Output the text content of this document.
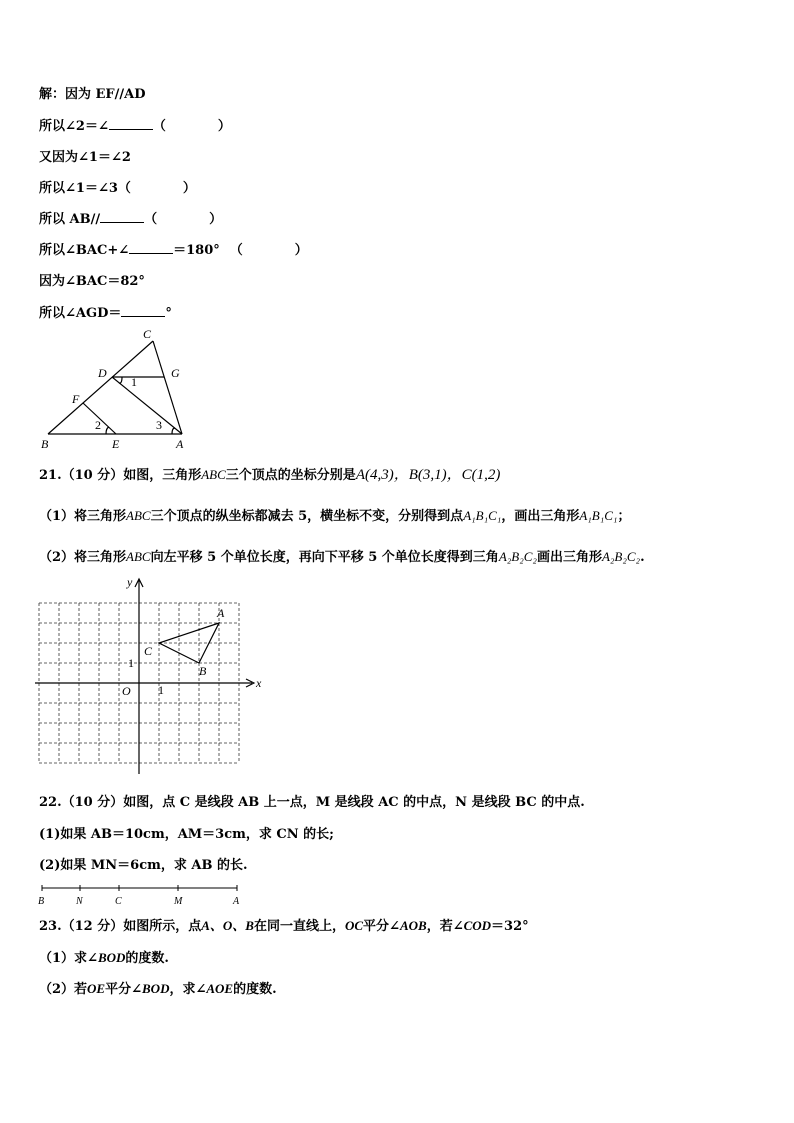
解：因为 EF//AD
所以∠2＝∠	（　　　　）
又因为∠1＝∠2
所以∠1＝∠3（　　　　）
所以 AB//	（　　　　）
所以∠BAC+∠	＝180° （　　　　）
因为∠BAC＝82°
所以∠AGD＝	°
C
D	G
F
B	E	A
1
2	3
21.（10 分）如图，三角形ABC三个顶点的坐标分别是A(4,3)，B(3,1)，C(1,2)
（1）将三角形ABC三个顶点的纵坐标都减去 5，横坐标不变，分别得到点A₁B₁C₁，画出三角形A₁B₁C₁；
（2）将三角形ABC向左平移 5 个单位长度，再向下平移 5 个单位长度得到三角A₂B₂C₂画出三角形A₂B₂C₂.
x
y
O 1
1
A
B
C
22.（10 分）如图，点 C 是线段 AB 上一点，M 是线段 AC 的中点，N 是线段 BC 的中点.
(1)如果 AB＝10cm，AM＝3cm，求 CN 的长;
(2)如果 MN＝6cm，求 AB 的长.
B	N	C	M	A
23.（12 分）如图所示，点A、O、B在同一直线上，OC平分∠AOB，若∠COD＝32°
（1）求∠BOD的度数.
（2）若OE平分∠BOD，求∠AOE的度数.
